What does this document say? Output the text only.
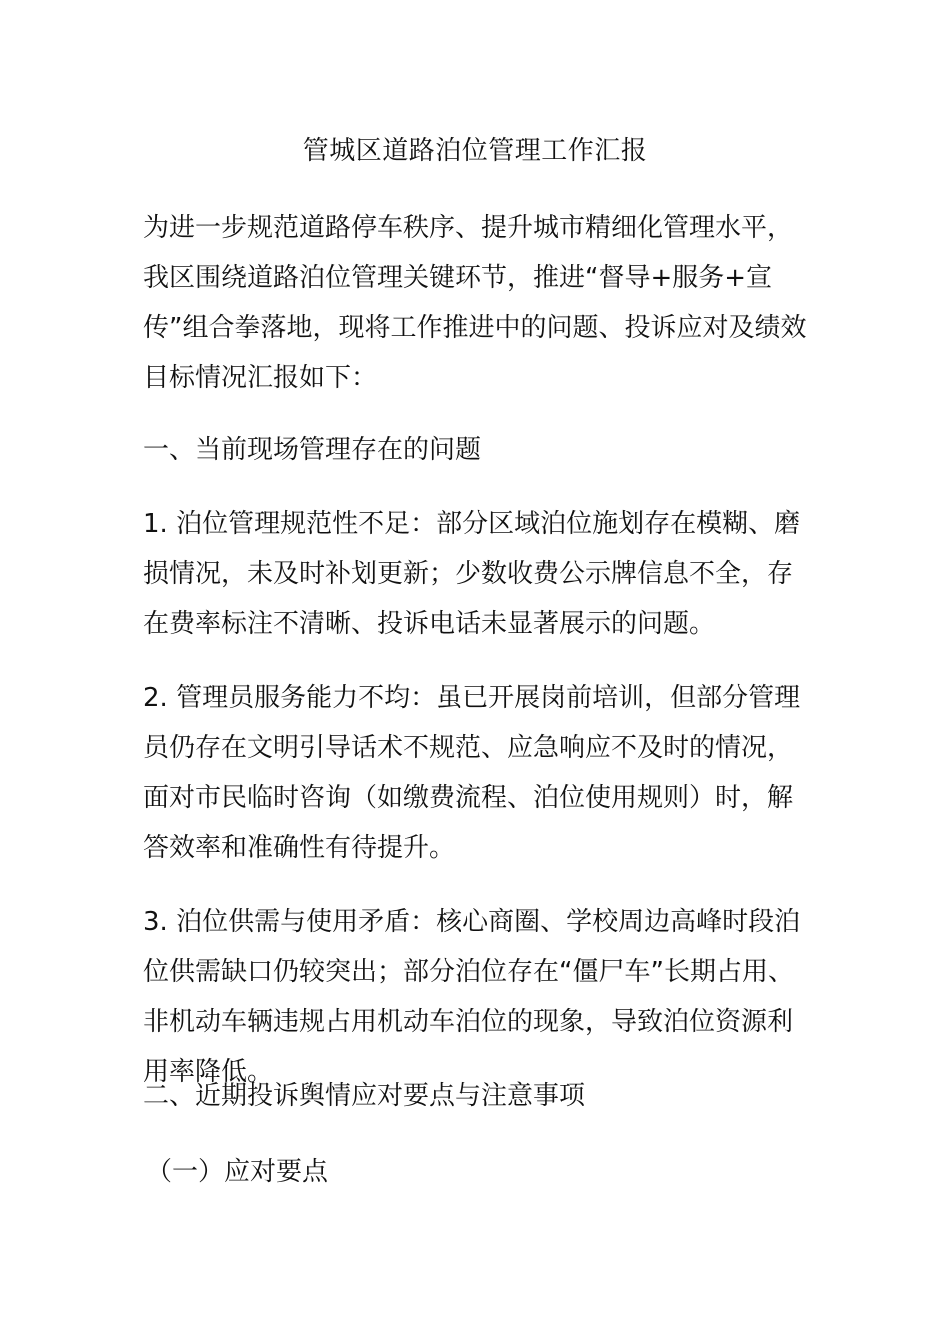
管城区道路泊位管理工作汇报

为进一步规范道路停车秩序、提升城市精细化管理水平，我区围绕道路泊位管理关键环节，推进“督导+服务+宣传”组合拳落地，现将工作推进中的问题、投诉应对及绩效目标情况汇报如下：

一、当前现场管理存在的问题

1. 泊位管理规范性不足：部分区域泊位施划存在模糊、磨损情况，未及时补划更新；少数收费公示牌信息不全，存在费率标注不清晰、投诉电话未显著展示的问题。

2. 管理员服务能力不均：虽已开展岗前培训，但部分管理员仍存在文明引导话术不规范、应急响应不及时的情况，面对市民临时咨询（如缴费流程、泊位使用规则）时，解答效率和准确性有待提升。

3. 泊位供需与使用矛盾：核心商圈、学校周边高峰时段泊位供需缺口仍较突出；部分泊位存在“僵尸车”长期占用、非机动车辆违规占用机动车泊位的现象，导致泊位资源利用率降低。

二、近期投诉舆情应对要点与注意事项

（一）应对要点
